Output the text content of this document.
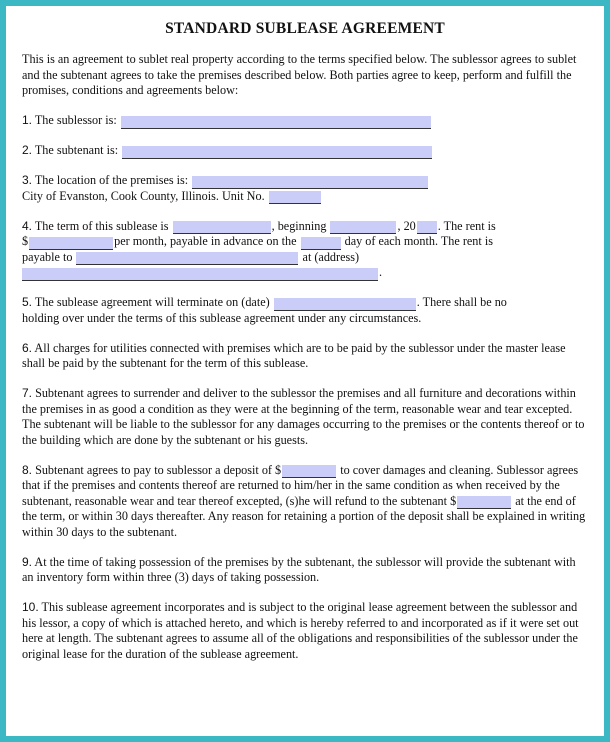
STANDARD SUBLEASE AGREEMENT

This is an agreement to sublet real property according to the terms specified below. The sublessor agrees to sublet and the subtenant agrees to take the premises described below. Both parties agree to keep, perform and fulfill the promises, conditions and agreements below:

1. The sublessor is:

2. The subtenant is:

3. The location of the premises is:
City of Evanston, Cook County, Illinois. Unit No.

4. The term of this sublease is	, beginning	, 20 . The rent is
$	per month, payable in advance on the	day of each month. The rent is
payable to	at (address)
.

5. The sublease agreement will terminate on (date)	. There shall be no
holding over under the terms of this sublease agreement under any circumstances.

6. All charges for utilities connected with premises which are to be paid by the sublessor under the master lease shall be paid by the subtenant for the term of this sublease.

7. Subtenant agrees to surrender and deliver to the sublessor the premises and all furniture and decorations within the premises in as good a condition as they were at the beginning of the term, reasonable wear and tear excepted. The subtenant will be liable to the sublessor for any damages occurring to the premises or the contents thereof or to the building which are done by the subtenant or his guests.

8. Subtenant agrees to pay to sublessor a deposit of $	to cover damages and cleaning. Sublessor agrees that if the premises and contents thereof are returned to him/her in the same condition as when received by the subtenant, reasonable wear and tear thereof excepted, (s)he will refund to the subtenant $	at the end of the term, or within 30 days thereafter. Any reason for retaining a portion of the deposit shall be explained in writing within 30 days to the subtenant.

9. At the time of taking possession of the premises by the subtenant, the sublessor will provide the subtenant with an inventory form within three (3) days of taking possession.

10. This sublease agreement incorporates and is subject to the original lease agreement between the sublessor and his lessor, a copy of which is attached hereto, and which is hereby referred to and incorporated as if it were set out here at length. The subtenant agrees to assume all of the obligations and responsibilities of the sublessor under the original lease for the duration of the sublease agreement.
